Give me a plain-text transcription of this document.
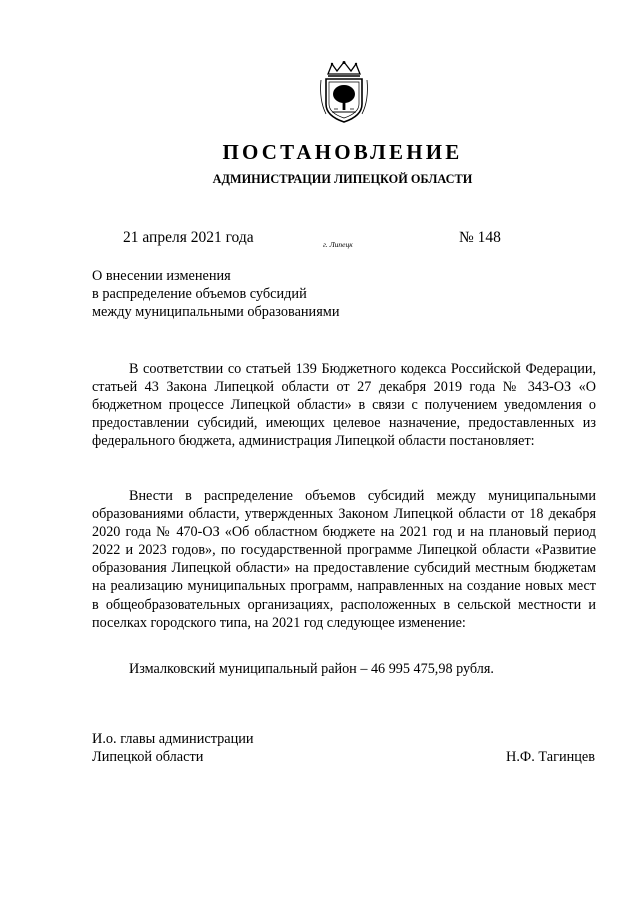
ПОСТАНОВЛЕНИЕ
АДМИНИСТРАЦИИ ЛИПЕЦКОЙ ОБЛАСТИ
21 апреля 2021 года	г. Липецк	№ 148
О внесении изменения
в распределение объемов субсидий
между муниципальными образованиями
В соответствии со статьей 139 Бюджетного кодекса Российской Федерации, статьей 43 Закона Липецкой области от 27 декабря 2019 года № 343-ОЗ «О бюджетном процессе Липецкой области» в связи с получением уведомления о предоставлении субсидий, имеющих целевое назначение, предоставленных из федерального бюджета, администрация Липецкой области постановляет:
Внести в распределение объемов субсидий между муниципальными образованиями области, утвержденных Законом Липецкой области от 18 декабря 2020 года № 470-ОЗ «Об областном бюджете на 2021 год и на плановый период 2022 и 2023 годов», по государственной программе Липецкой области «Развитие образования Липецкой области» на предоставление субсидий местным бюджетам на реализацию муниципальных программ, направленных на создание новых мест в общеобразовательных организациях, расположенных в сельской местности и поселках городского типа, на 2021 год следующее изменение:
Измалковский муниципальный район – 46 995 475,98 рубля.
И.о. главы администрации
Липецкой области	Н.Ф. Тагинцев
